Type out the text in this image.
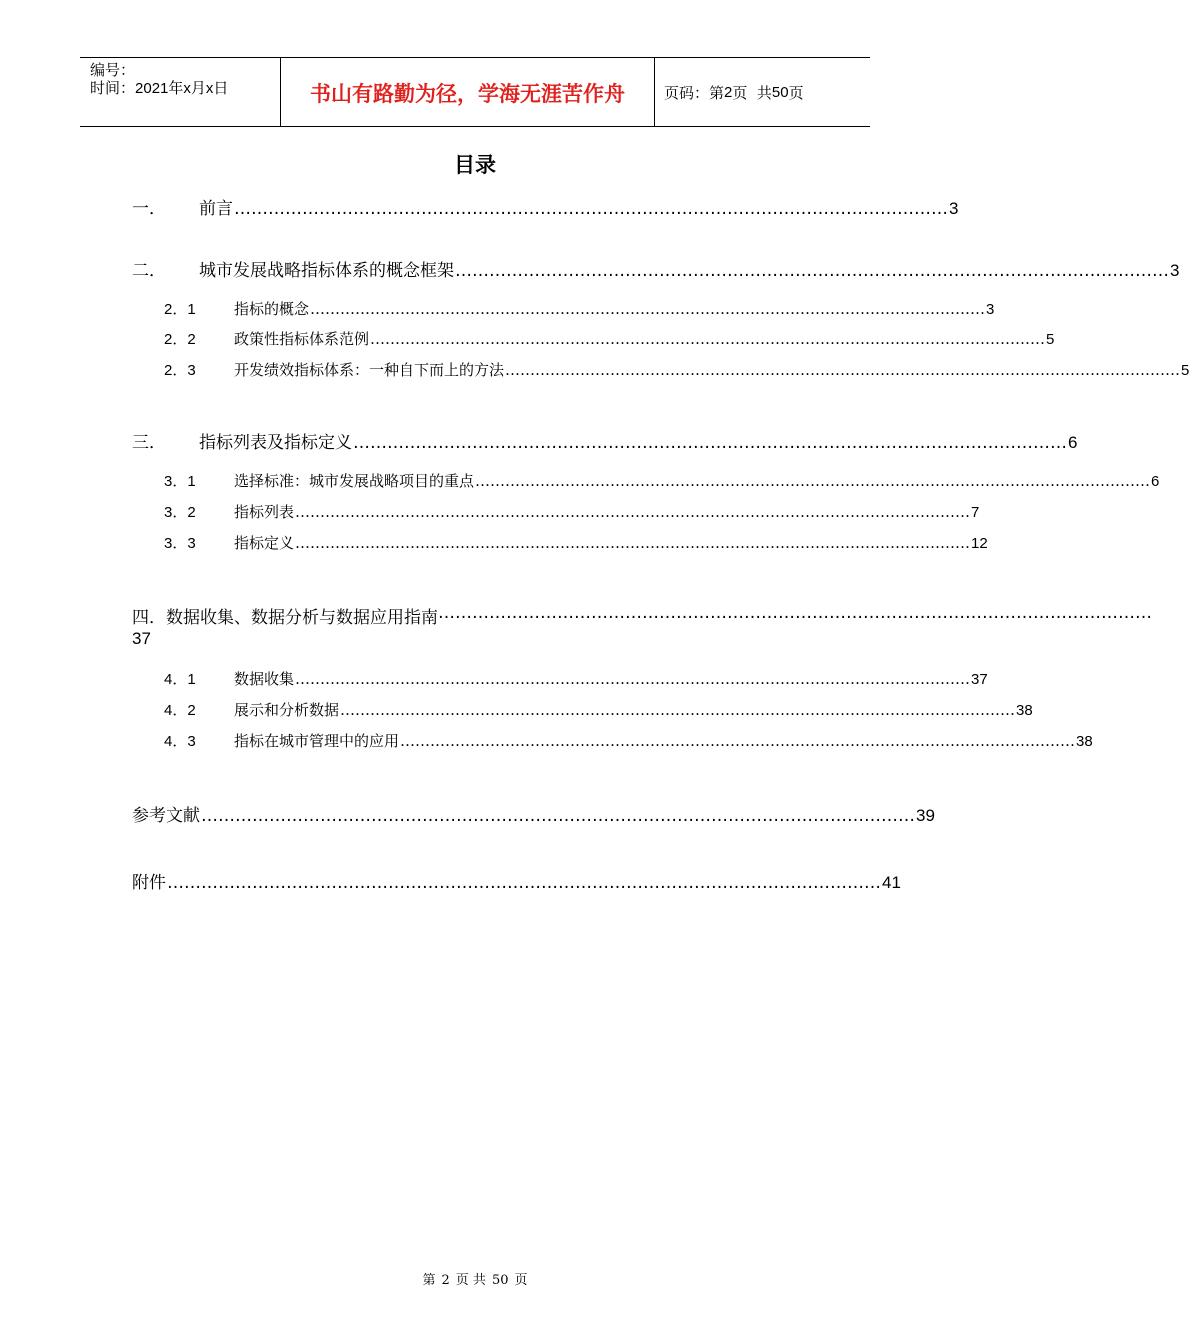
编号：
时间：2021年x月x日	书山有路勤为径，学海无涯苦作舟	页码：第 2 页  共 50 页
目录
一．	前言 ……………………………………………………………………………………………………………… 3
二．	城市发展战略指标体系的概念框架 ……………………………………………………………………………………………………………… 3
2．1	指标的概念 ……………………………………………………………………………………………………………………… 3
2．2	政策性指标体系范例 ……………………………………………………………………………………………………………………… 5
2．3	开发绩效指标体系：一种自下而上的方法 ……………………………………………………………………………………………………………………… 5
三．	指标列表及指标定义 ……………………………………………………………………………………………………………… 6
3．1	选择标准：城市发展战略项目的重点 ……………………………………………………………………………………………………………………… 6
3．2	指标列表 ……………………………………………………………………………………………………………………… 7
3．3	指标定义 ……………………………………………………………………………………………………………………… 12
四． 数据收集、数据分析与数据应用指南 ………………………………………………………………………………………………………………
37
4．1	数据收集 ……………………………………………………………………………………………………………………… 37
4．2	展示和分析数据 ……………………………………………………………………………………………………………………… 38
4．3	指标在城市管理中的应用 ……………………………………………………………………………………………………………………… 38
参考文献 ……………………………………………………………………………………………………………… 39
附件 ……………………………………………………………………………………………………………… 41
第 2 页 共 50 页
